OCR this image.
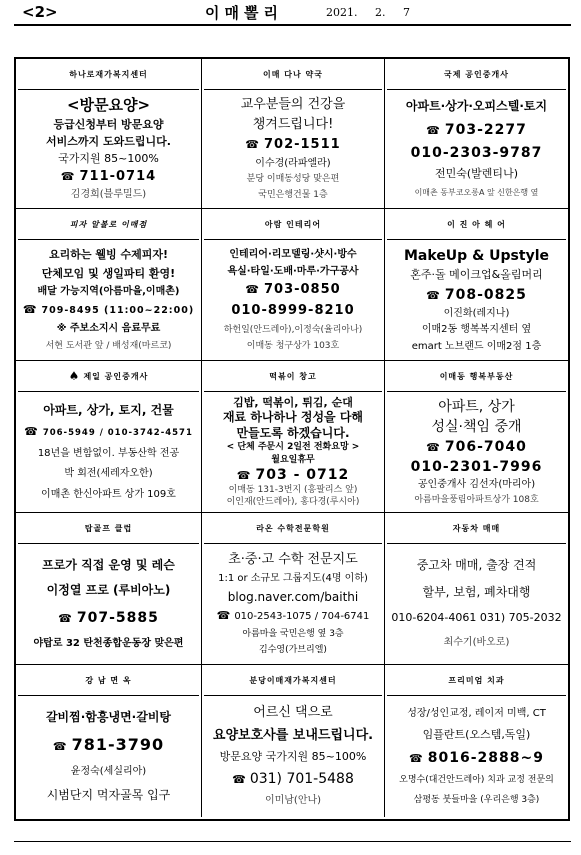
<2>	이매뽈리	2021. 2. 7
하나로재가복지센터
<방문요양>
등급신청부터 방문요양
서비스까지 도와드립니다.
국가지원 85~100%
☎ 711-0714
김경희(블루밀드)
이매 다나 약국
교우분들의 건강을
챙겨드립니다!
☎ 702-1511
이수경(라파엘라)
분당 이매동성당 맞은편
국민은행건물 1층
국제 공인중개사
아파트·상가·오피스텔·토지
☎ 703-2277
010-2303-9787
전민숙(발렌티나)
이매촌 동부코오롱A 앞 신한은행 옆
피자 알볼로 이매점
요리하는 웰빙 수제피자!
단체모임 및 생일파티 환영!
배달 가능지역(아름마을,이매촌)
☎ 709-8495 (11:00~22:00)
※ 주보소지시 음료무료
서현 도서관 앞 / 배성재(마르코)
아람 인테리어
인테리어·리모델링·샷시·방수
욕실·타일·도배·마루·가구공사
☎ 703-0850
010-8999-8210
하헌일(안드레아),이정숙(율리아나)
이매동 청구상가 103호
이 진 아 헤 어
MakeUp & Upstyle
혼주·돌 메이크업&올림머리
☎ 708-0825
이진화(레지나)
이매2동 행복복지센터 옆
emart 노브랜드 이매2점 1층
♠ 제일 공인중개사
아파트, 상가, 토지, 건물
☎ 706-5949 / 010-3742-4571
18년을 변함없이. 부동산학 전공
박 회전(세레자오한)
이매촌 한신아파트 상가 109호
떡볶이 창고
김밥, 떡볶이, 튀김, 순대
재료 하나하나 정성을 다해
만들도록 하겠습니다.
< 단체 주문시 2일전 전화요망 >
월요일휴무
☎ 703 - 0712
이매동 131-3번지 (흥팔리스 앞)
이인재(안드레아), 홍다경(루시아)
이매동 행복부동산
아파트, 상가
성실·책임 중개
☎ 706-7040
010-2301-7996
공인중개사 김선자(마리아)
아름마을풍림아파트상가 108호
탑골프 클럽
프로가 직접 운영 및 레슨
이정열 프로 (루비아노)
☎ 707-5885
야탑로 32 탄천종합운동장 맞은편
라온 수학전문학원
초·중·고 수학 전문지도
1:1 or 소규모 그룹지도(4명 이하)
blog.naver.com/baithi
☎ 010-2543-1075 / 704-6741
아름마을 국민은행 옆 3층
김수영(가브리엘)
자동차 매매
중고차 매매, 출장 견적
할부, 보험, 폐차대행
010-6204-4061 031) 705-2032
최수기(바오로)
강 남 면 옥
갈비찜·함흥냉면·갈비탕
☎ 781-3790
윤정숙(세실리아)
시범단지 먹자골목 입구
분당이매재가복지센터
어르신 댁으로
요양보호사를 보내드립니다.
방문요양 국가지원 85~100%
☎ 031) 701-5488
이미남(안나)
프리미엄 치과
성장/성인교정, 레이저 미백, CT
임플란트(오스템,독일)
☎ 8016-2888~9
오명수(대건안드레아) 치과 교정 전문의
삼평동 붓들마을 (우리은행 3층)
